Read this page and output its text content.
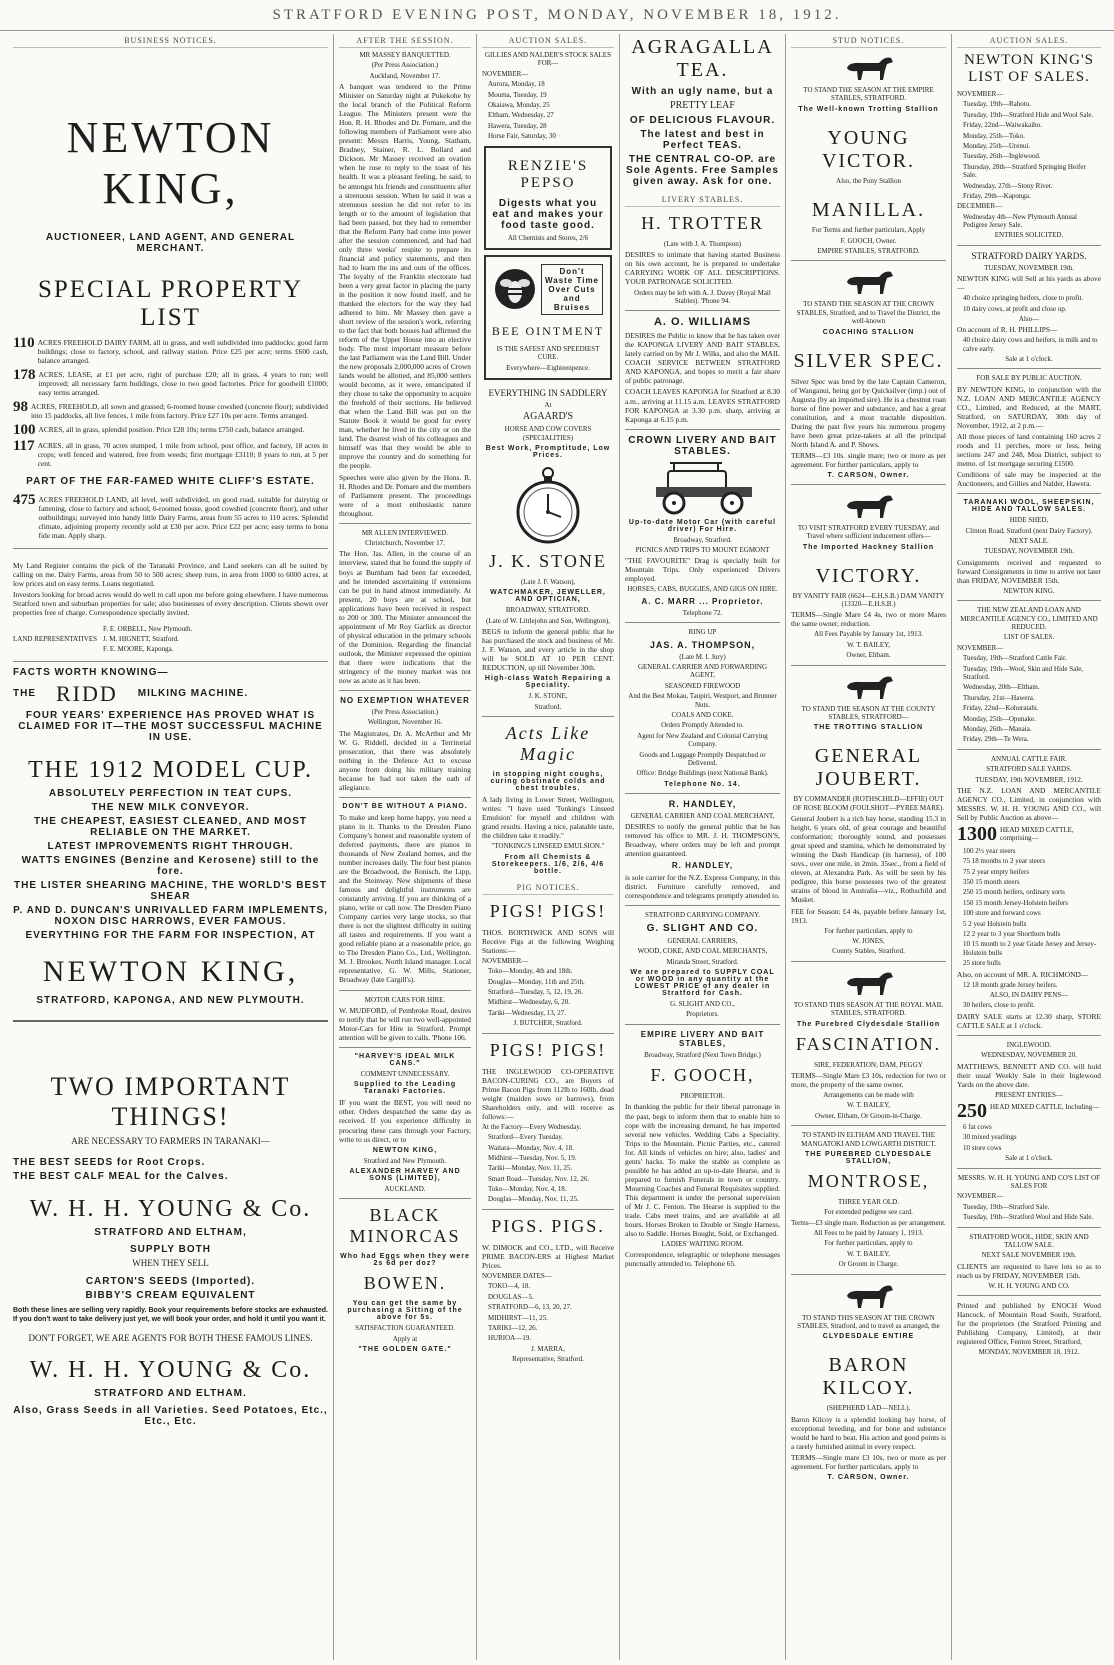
STRATFORD EVENING POST, MONDAY, NOVEMBER 18, 1912.
BUSINESS NOTICES.
NEWTON KING,
AUCTIONEER, LAND AGENT, AND GENERAL MERCHANT.
SPECIAL PROPERTY LIST
110 ACRES FREEHOLD DAIRY FARM, all in grass, and well subdivided into paddocks; good farm buildings; close to factory, school, and railway station. Price £25 per acre; terms £600 cash, balance arranged.
178 ACRES, LEASE, at £1 per acre, right of purchase £20; all in grass, 4 years to run; well improved; all necessary farm buildings, close to two good factories. Price for goodwill £1000; easy terms arranged.
98 ACRES, FREEHOLD, all sown and grassed; 6-roomed house cowshed (concrete floor); subdivided into 15 paddocks, all live fences, 1 mile from factory. Price £27 10s per acre. Terms arranged.
100 ACRES, all in grass, splendid position. Price £28 10s; terms £750 cash, balance arranged.
117 ACRES, all in grass, 70 acres stumped, 1 mile from school, post office, and factory, 18 acres in crops; well fenced and watered, free from weeds; first mortgage £3110; 8 years to run, at 5 per cent.
PART OF THE FAR-FAMED WHITE CLIFF'S ESTATE.
475 ACRES FREEHOLD LAND, all level, well subdivided, on good road, suitable for dairying or fattening, close to factory and school, 6-roomed house, good cowshed (concrete floor), and other outbuildings; surveyed into handy little Dairy Farms, areas from 55 acres to 110 acres. Splendid climate, adjoining property recently sold at £30 per acre. Price £22 per acre; easy terms to bona fide man. Apply sharp.
My Land Register contains the pick of the Taranaki Province, and Land seekers can all be suited by calling on me. Dairy Farms, areas from 50 to 500 acres; sheep runs, in area from 1000 to 6000 acres, at low prices and on easy terms. Loans negotiated.
Investors looking for broad acres would do well to call upon me before going elsewhere. I have numerous Stratford town and suburban properties for sale; also businesses of every description. Clients shown over properties free of charge. Correspondence specially invited.
LAND REPRESENTATIVES
F. E. ORBELL, New Plymouth.
J. M. HIGNETT, Stratford.
F. E. MOORE, Kaponga.
FACTS WORTH KNOWING—
THE RIDD MILKING MACHINE.
FOUR YEARS' EXPERIENCE HAS PROVED WHAT IS CLAIMED FOR IT—THE MOST SUCCESSFUL MACHINE IN USE.
THE 1912 MODEL CUP.
ABSOLUTELY PERFECTION IN TEAT CUPS.
THE NEW MILK CONVEYOR.
THE CHEAPEST, EASIEST CLEANED, AND MOST RELIABLE ON THE MARKET.
LATEST IMPROVEMENTS RIGHT THROUGH.
WATTS ENGINES (Benzine and Kerosene) still to the fore.
THE LISTER SHEARING MACHINE, THE WORLD'S BEST SHEAR
P. AND D. DUNCAN'S UNRIVALLED FARM IMPLEMENTS, NOXON DISC HARROWS, EVER FAMOUS.
EVERYTHING FOR THE FARM FOR INSPECTION, AT
NEWTON KING,
STRATFORD, KAPONGA, AND NEW PLYMOUTH.
TWO IMPORTANT THINGS!
ARE NECESSARY TO FARMERS IN TARANAKI—
THE BEST SEEDS for Root Crops.
THE BEST CALF MEAL for the Calves.
W. H. H. YOUNG & Co.
STRATFORD AND ELTHAM,
SUPPLY BOTH
WHEN THEY SELL
CARTON'S SEEDS (Imported).
BIBBY'S CREAM EQUIVALENT
Both these lines are selling very rapidly. Book your requirements before stocks are exhausted. If you don't want to take delivery just yet, we will book your order, and hold it until you want it.
DON'T FORGET, WE ARE AGENTS FOR BOTH THESE FAMOUS LINES.
W. H. H. YOUNG & Co.
STRATFORD AND ELTHAM.
Also, Grass Seeds in all Varieties. Seed Potatoes, Etc., Etc., Etc.
AFTER THE SESSION.
MR MASSEY BANQUETTED.
(Per Press Association.)
Auckland, November 17.
A banquet was tendered to the Prime Minister on Saturday night at Pukekohe by the local branch of the Political Reform League. The Ministers present were the Hon. R. H. Rhodes and Dr. Pomare, and the following members of Parliament were also present: Messrs Harris, Young, Statham, Bradney, Stainer, R. L. Bollard and Dickson. Mr Massey received an ovation when he rose to reply to the toast of his health. It was a pleasant feeling, he said, to be amongst his friends and constituents after a strenuous session. When he said it was a strenuous session he did not refer to its length or to the amount of legislation that had been passed, but they had to remember that the Reform Party had come into power after the session commenced, and had had only three weeks' respite to prepare its financial and policy statements, and then had to learn the ins and outs of the offices. The loyalty of the Franklin electorate had been a very great factor in placing the party in the position it now found itself, and he thanked the electors for the way they had adhered to him. Mr Massey then gave a short review of the session's work, referring to the fact that both houses had affirmed the reform of the Upper House into an elective body. The most important measure before the last Parliament was the Land Bill. Under the new proposals 2,000,000 acres of Crown lands would be allotted, and 85,000 settlers would become, as it were, emancipated if they chose to take the opportunity to acquire the freehold of their sections. He believed that when the Land Bill was put on the Statute Book it would be good for every man, whether he lived in the city or on the land. The dearest wish of his colleagues and himself was that they would be able to improve the country and do something for the people.
Speeches were also given by the Hons. R. H. Rhodes and Dr. Pomare and the members of Parliament present. The proceedings were of a most enthusiastic nature throughout.
MR ALLEN INTERVIEWED.
Christchurch, November 17.
The Hon. Jas. Allen, in the course of an interview, stated that he found the supply of boys at Burnham had been far exceeded, and he intended ascertaining if extensions can be put in hand almost immediately. At present, 20 boys are at school, but applications have been received in respect to 200 or 300. The Minister announced the appointment of Mr Roy Garlick as director of physical education in the primary schools of the Dominion. Regarding the financial outlook, the Minister expressed the opinion that there were indications that the stringency of the money market was not now as acute as it has been.
NO EXEMPTION WHATEVER
(Per Press Association.)
Wellington, November 16.
The Magistrates, Dr. A. McArthur and Mr W. G. Riddell, decided in a Territorial prosecution, that there was absolutely nothing in the Defence Act to excuse anyone from doing his military training because he had not taken the oath of allegiance.
DON'T BE WITHOUT A PIANO.
To make and keep home happy, you need a piano in it. Thanks to the Dresden Piano Company's honest and reasonable system of deferred payments, there are pianos in thousands of New Zealand homes, and the number increases daily. The four best pianos are the Broadwood, the Ronisch, the Lipp, and the Steinway. New shipments of these famous and delightful instruments are constantly arriving. If you are thinking of a piano, write or call now. The Dresden Piano Company carries very large stocks, so that there is not the slightest difficulty in suiting all tastes and requirements. If you want a good reliable piano at a reasonable price, go to The Dresden Piano Co., Ltd., Wellington. M. J. Brookes, North Island manager. Local representative, G. W. Mills, Stationer, Broadway (late Cargill's).
MOTOR CARS FOR HIRE.
W. MUDFORD, of Pembroke Road, desires to notify that he will run two well-appointed Motor-Cars for Hire in Stratford. Prompt attention will be given to calls. 'Phone 106.
"HARVEY'S IDEAL MILK CANS."
COMMENT UNNECESSARY.
Supplied to the Leading Taranaki Factories.
IF you want the BEST, you will need no other. Orders despatched the same day as received. If you experience difficulty in procuring these cans through your Factory, write to us direct, or to
NEWTON KING,
Stratford and New Plymouth.
ALEXANDER HARVEY AND SONS (LIMITED),
AUCKLAND.
BLACK MINORCAS
Who had Eggs when they were 2s 6d per doz?
BOWEN.
You can get the same by purchasing a Sitting of the above for 5s.
SATISFACTION GUARANTEED.
Apply at
"THE GOLDEN GATE."
AUCTION SALES.
GILLIES AND NALDER'S STOCK SALES FOR—
NOVEMBER—
Aurora, Monday, 18
Mouma, Tuesday, 19
Okaiawa, Monday, 25
Eltham, Wednesday, 27
Hawera, Tuesday, 28
Horse Fair, Saturday, 30
RENZIE'S PEPSO
Digests what you eat and makes your food taste good.
All Chemists and Stores, 2/6
Don't Waste Time Over Cuts and Bruises
BEE OINTMENT
IS THE SAFEST AND SPEEDIEST CURE.
Everywhere—Eighteenpence.
EVERYTHING IN SADDLERY
At
AGAARD'S
HORSE AND COW COVERS (SPECIALITIES)
Best Work, Promptitude, Low Prices.
J. K. STONE
(Late J. F. Watson),
WATCHMAKER, JEWELLER, AND OPTICIAN,
BROADWAY, STRATFORD.
(Late of W. Littlejohn and Son, Wellington),
BEGS to inform the general public that he has purchased the stock and business of Mr. J. F. Watson, and every article in the shop will be SOLD AT 10 PER CENT. REDUCTION, up till November 30th.
High-class Watch Repairing a Speciality.
J. K. STONE,
Stratford.
Acts Like Magic
in stopping night coughs, curing obstinate colds and chest troubles.
A lady living in Lower Street, Wellington, writes: "I have used 'Tonking's Linseed Emulsion' for myself and children with grand results. Having a nice, palatable taste, the children take it readily."
"TONKING'S LINSEED EMULSION."
From all Chemists & Storekeepers. 1/6, 2/6, 4/6 bottle.
PIG NOTICES.
PIGS! PIGS!
THOS. BORTHWICK AND SONS will Receive Pigs at the following Weighing Stations:—
NOVEMBER—
Toko—Monday, 4th and 18th.
Douglas—Monday, 11th and 25th.
Stratford—Tuesday, 5, 12, 19, 26.
Midhirst—Wednesday, 6, 20.
Tariki—Wednesday, 13, 27.
J. BUTCHER, Stratford.
PIGS! PIGS!
THE INGLEWOOD CO-OPERATIVE BACON-CURING CO., are Buyers of Prime Bacon Pigs from 112lb to 160lb, dead weight (maiden sows or barrows), from Shareholders only, and will receive as follows:—
At the Factory—Every Wednesday.
Stratford—Every Tuesday.
Waitara—Monday, Nov. 4, 18.
Midhirst—Tuesday, Nov. 5, 19.
Tariki—Monday, Nov. 11, 25.
Smart Road—Tuesday, Nov. 12, 26.
Toko—Monday, Nov. 4, 18.
Douglas—Monday, Nov. 11, 25.
PIGS. PIGS.
W. DIMOCK and CO., LTD., will Receive PRIME BACON-ERS at Highest Market Prices.
NOVEMBER DATES—
TOKO—4, 18.
DOUGLAS—5.
STRATFORD—6, 13, 20, 27.
MIDHIRST—11, 25.
TARIKI—12, 26.
HURIOA—19.
J. MARRA,
Representative, Stratford.
AGRAGALLA TEA.
With an ugly name, but a
PRETTY LEAF
OF DELICIOUS FLAVOUR.
The latest and best in Perfect TEAS.
THE CENTRAL CO-OP. are Sole Agents. Free Samples given away. Ask for one.
LIVERY STABLES.
H. TROTTER
(Late with J. A. Thompson)
DESIRES to intimate that having started Business on his own account, he is prepared to undertake CARRYING WORK OF ALL DESCRIPTIONS. YOUR PATRONAGE SOLICITED.
Orders may be left with A. J. Davey (Royal Mail Stables). 'Phone 94.
A. O. WILLIAMS
DESIRES the Public to know that he has taken over the KAPONGA LIVERY AND BAIT STABLES, lately carried on by Mr J. Wilks, and also the MAIL COACH SERVICE BETWEEN STRATFORD AND KAPONGA, and hopes to merit a fair share of public patronage.
COACH LEAVES KAPONGA for Stratford at 8.30 a.m., arriving at 11.15 a.m. LEAVES STRATFORD FOR KAPONGA at 3.30 p.m. sharp, arriving at Kaponga at 6.15 p.m.
CROWN LIVERY AND BAIT STABLES.
Up-to-date Motor Car (with careful driver) For Hire.
Broadway, Stratford.
PICNICS AND TRIPS TO MOUNT EGMONT
"THE FAVOURITE" Drag is specially built for Mountain Trips. Only experienced Drivers employed.
HORSES, CABS, BUGGIES, AND GIGS ON HIRE.
A. C. MARR ... Proprietor.
Telephone 72.
RING UP
JAS. A. THOMPSON,
(Late M. I. Jury)
GENERAL CARRIER AND FORWARDING AGENT,
SEASONED FIREWOOD
And the Best Mokau, Taupiri, Westport, and Brunner Nuts.
COALS AND COKE.
Orders Promptly Attended to.
Agent for New Zealand and Colonial Carrying Company.
Goods and Luggage Promptly Despatched or Delivered.
Office: Bridge Buildings (next National Bank).
Telephone No. 14.
R. HANDLEY,
GENERAL CARRIER AND COAL MERCHANT,
DESIRES to notify the general public that he has removed his office to MR. J. H. THOMPSON'S, Broadway, where orders may be left and prompt attention guaranteed.
R. HANDLEY,
is sole carrier for the N.Z. Express Company, in this district. Furniture carefully removed, and correspondence and telegrams promptly attended to.
STRATFORD CARRYING COMPANY.
G. SLIGHT AND CO.
GENERAL CARRIERS,
WOOD, COKE, AND COAL MERCHANTS,
Miranda Street, Stratford.
We are prepared to SUPPLY COAL or WOOD in any quantity at the LOWEST PRICE of any dealer in Stratford for Cash.
G. SLIGHT AND CO.,
Proprietors.
EMPIRE LIVERY AND BAIT STABLES,
Broadway, Stratford (Next Town Bridge.)
F. GOOCH,
PROPRIETOR.
In thanking the public for their liberal patronage in the past, begs to inform them that to enable him to cope with the increasing demand, he has imported several new vehicles. Wedding Cabs a Speciality. Trips to the Mountain. Picnic Parties, etc., catered for. All kinds of vehicles on hire; also, ladies' and gents' hacks. To make the stable as complete as possible he has added an up-to-date Hearse, and is prepared to furnish Funerals in town or country. Mourning Coaches and Funeral Requisites supplied. This department is under the personal supervision of Mr J. C. Fenton. The Hearse is supplied to the trade. Cabs meet trains, and are available at all hours. Horses Broken to Double or Single Harness, also to Saddle. Horses Bought, Sold, or Exchanged.
LADIES' WAITING ROOM.
Correspondence, telegraphic or telephone messages punctually attended to. Telephone 65.
STUD NOTICES.
TO STAND THE SEASON AT THE EMPIRE STABLES, STRATFORD.
The Well-known Trotting Stallion
YOUNG VICTOR.
Also, the Pony Stallion
MANILLA.
For Terms and further particulars, Apply
F. GOOCH, Owner.
EMPIRE STABLES, STRATFORD.
TO STAND THE SEASON AT THE CROWN STABLES, Stratford, and to Travel the District, the well-known
COACHING STALLION
SILVER SPEC.
Silver Spec was bred by the late Captain Cameron, of Wanganui, being got by Quicksilver (imp.) out of Augusta (by an imported sire). He is a chestnut roan horse of fine power and substance, and has a great constitution, and a most tractable disposition. During the past five years his numerous progeny have been great prize-takers at all the principal North Island A. and P. Shows.
TERMS—£3 10s. single mare; two or more as per agreement. For further particulars, apply to
T. CARSON, Owner.
TO VISIT STRATFORD EVERY TUESDAY, and Travel where sufficient inducement offers—
The Imported Hackney Stallion
VICTORY.
BY VANITY FAIR (6624—E.H.S.B.) DAM VANITY (13320—E.H.S.B.)
TERMS—Single Mare £4 4s, two or more Mares the same owner, reduction.
All Fees Payable by January 1st, 1913.
W. T. BAILEY,
Owner, Eltham.
TO STAND THE SEASON AT THE COUNTY STABLES, STRATFORD—
THE TROTTING STALLION
GENERAL JOUBERT.
BY COMMANDER (ROTHSCHILD—EFFIE) OUT OF ROSE BLOOM (FOULSHOT—PYREE MARE).
General Joubert is a rich bay horse, standing 15.3 in height, 6 years old, of great courage and beautiful conformation; thoroughly sound, and possesses great speed and stamina, which he demonstrated by winning the Dash Handicap (in harness), of 100 sovs., over one mile, in 2min. 35sec., from a field of eleven, at Alexandra Park. As will be seen by his pedigree, this horse possesses two of the greatest strains of blood in Australia—viz., Rothschild and Musket.
FEE for Season: £4 4s, payable before January 1st, 1913.
For further particulars, apply to
W. JONES,
County Stables, Stratford.
TO STAND THIS SEASON AT THE ROYAL MAIL STABLES, STRATFORD.
The Purebred Clydesdale Stallion
FASCINATION.
SIRE, FEDERATION; DAM, PEGGY
TERMS—Single Mare £3 10s, reduction for two or more, the property of the same owner.
Arrangements can be made with
W. T. BAILEY,
Owner, Eltham, Or Groom-in-Charge.
TO STAND IN ELTHAM AND TRAVEL THE MANGATOKI AND LOWGARTH DISTRICT.
THE PUREBRED CLYDESDALE STALLION,
MONTROSE,
THREE YEAR OLD.
For extended pedigree see card.
Terms—£3 single mare. Reduction as per arrangement.
All Fees to be paid by January 1, 1913.
For further particulars, apply to
W. T. BAILEY,
Or Groom in Charge.
TO STAND THIS SEASON AT THE CROWN STABLES, Stratford, and to travel as arranged, the
CLYDESDALE ENTIRE
BARON KILCOY.
(SHEPHERD LAD—NELL).
Baron Kilcoy is a splendid looking bay horse, of exceptional breeding, and for bone and substance would be hard to beat. His action and good points is a rarely furnished animal in every respect.
TERMS—Single mare £3 10s, two or more as per agreement. For further particulars, apply to
T. CARSON, Owner.
AUCTION SALES.
NEWTON KING'S LIST OF SALES.
NOVEMBER—
Tuesday, 19th—Rahotu.
Tuesday, 19th—Stratford Hide and Wool Sale.
Friday, 22nd—Waiwakaiho.
Monday, 25th—Toko.
Monday, 25th—Urenui.
Tuesday, 26th—Inglewood.
Thursday, 28th—Stratford Springing Heifer Sale.
Wednesday, 27th—Stony River.
Friday, 29th—Kaponga.
DECEMBER—
Wednesday 4th—New Plymouth Annual Pedigree Jersey Sale.
ENTRIES SOLICITED.
STRATFORD DAIRY YARDS.
TUESDAY, NOVEMBER 19th.
NEWTON KING will Sell at his yards as above—
40 choice springing heifers, close to profit.
10 dairy cows, at profit and close up.
Also—
On account of R. H. PHILLIPS—
40 choice dairy cows and heifers, in milk and to calve early.
Sale at 1 o'clock.
FOR SALE BY PUBLIC AUCTION.
BY NEWTON KING, in conjunction with the N.Z. LOAN AND MERCANTILE AGENCY CO., Limited, and Reduced, at the MART, Stratford, on SATURDAY, 30th day of November, 1912, at 2 p.m.—
All those pieces of land containing 160 acres 2 roods and 11 perches, more or less, being sections 247 and 248, Moa District, subject to memo. of 1st mortgage securing £1500.
Conditions of sale may be inspected at the Auctioneers, and Gillies and Nalder, Hawera.
TARANAKI WOOL, SHEEPSKIN, HIDE AND TALLOW SALES.
HIDE SHED,
Clinton Road, Stratford (next Dairy Factory).
NEXT SALE.
TUESDAY, NOVEMBER 19th.
Consignments received and requested to forward Consignments in time to arrive not later than FRIDAY, NOVEMBER 15th.
NEWTON KING.
THE NEW ZEALAND LOAN AND MERCANTILE AGENCY CO., LIMITED AND REDUCED.
LIST OF SALES.
NOVEMBER—
Tuesday, 19th—Stratford Cattle Fair.
Tuesday, 19th—Wool, Skin and Hide Sale, Stratford.
Wednesday, 20th—Eltham.
Thursday, 21st—Hawera.
Friday, 22nd—Kohuratahi.
Monday, 25th—Opunake.
Monday, 26th—Manaia.
Friday, 29th—Te Wera.
ANNUAL CATTLE FAIR.
STRATFORD SALE YARDS.
TUESDAY, 19th NOVEMBER, 1912.
THE N.Z. LOAN AND MERCANTILE AGENCY CO., Limited, in conjunction with MESSRS. W. H. H. YOUNG AND CO., will Sell by Public Auction as above—
1300 HEAD MIXED CATTLE, comprising—
100 2½ year steers
75 18 months to 2 year steers
75 2 year empty heifers
350 15 month steers
250 15 month heifers, ordinary sorts
150 15 month Jersey-Holstein heifers
100 store and forward cows
5 2 year Holstein bulls
12 2 year to 3 year Shorthorn bulls
10 15 month to 2 year Grade Jersey and Jersey-Holstein bulls
25 store bulls
Also, on account of MR. A. RICHMOND—
12 18 month grade Jersey heifers.
ALSO, IN DAIRY PENS—
30 heifers, close to profit.
DAIRY SALE starts at 12.30 sharp, STORE CATTLE SALE at 1 o'clock.
INGLEWOOD.
WEDNESDAY, NOVEMBER 20.
MATTHEWS, BENNETT AND CO. will hold their usual Weekly Sale in their Inglewood Yards on the above date.
PRESENT ENTRIES—
250 HEAD MIXED CATTLE, Including—
6 fat cows
30 mixed yearlings
10 store cows
Sale at 1 o'clock.
MESSRS. W. H. H. YOUNG AND CO'S LIST OF SALES FOR
NOVEMBER—
Tuesday, 19th—Stratford Sale.
Tuesday, 19th—Stratford Wool and Hide Sale.
STRATFORD WOOL, HIDE, SKIN AND TALLOW SALE.
NEXT SALE NOVEMBER 19th.
CLIENTS are requested to have lots so as to reach us by FRIDAY, NOVEMBER 15th.
W. H. H. YOUNG AND CO.
Printed and published by ENOCH Wood Hancock, of Mountain Road South, Stratford, for the proprietors (the Stratford Printing and Publishing Company, Limited), at their registered Office, Fenton Street, Stratford,
MONDAY, NOVEMBER 18, 1912.
